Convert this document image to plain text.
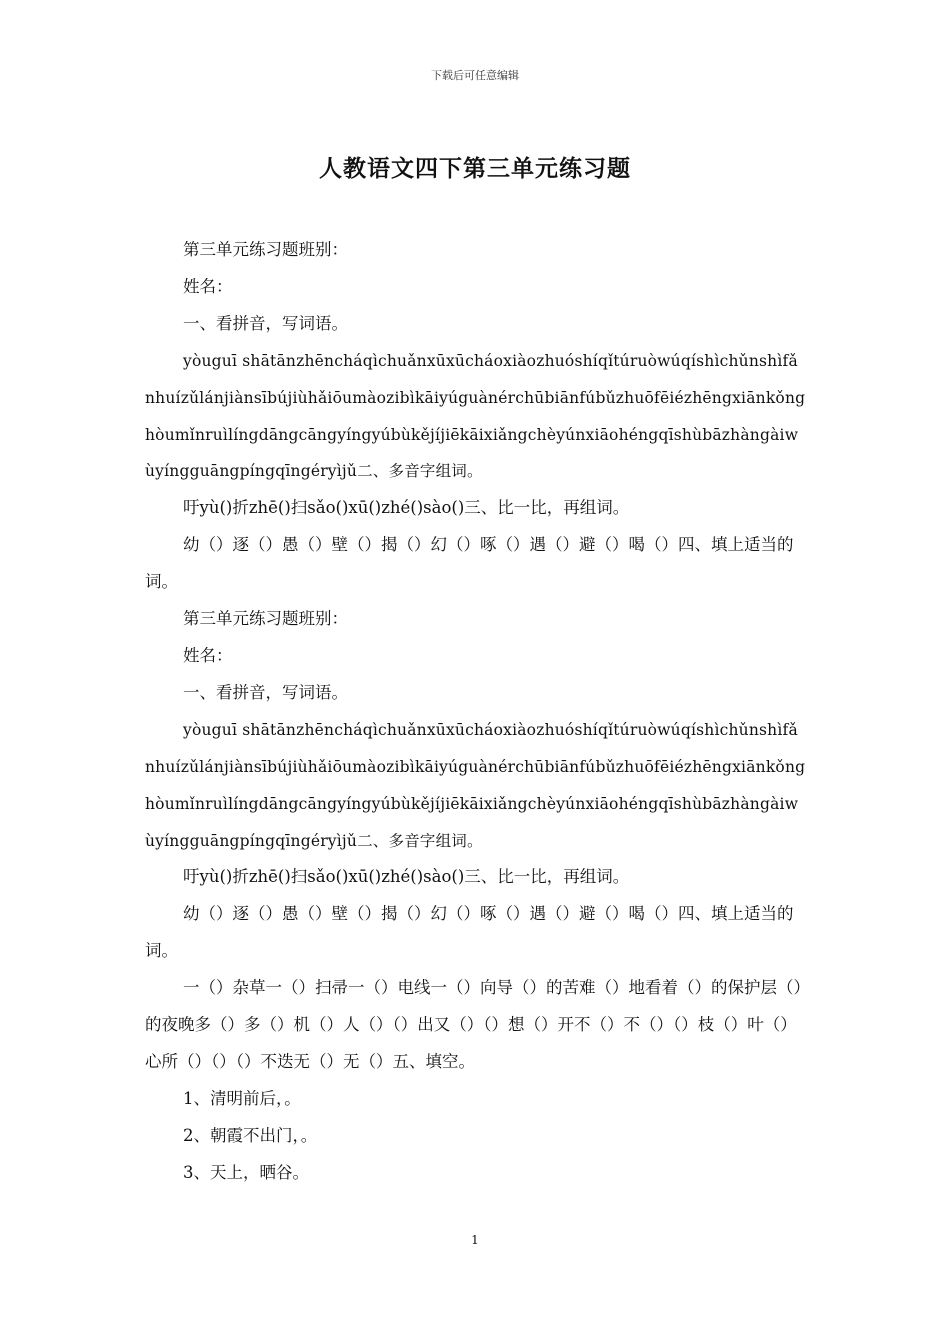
下载后可任意编辑
人教语文四下第三单元练习题

第三单元练习题班别：

姓名：

一、看拼音，写词语。

yòuguī shātānzhēncháqìchuǎnxūxūcháoxiàozhuóshíqǐtúruòwúqíshìchǔnshìfǎnhuízǔlánjiànsībújiùhǎiōumàozibìkāiyúguànérchūbiānfúbǔzhuōfēiézhēngxiānkǒnghòumǐnruìlíngdāngcāngyíngyúbùkějíjiēkāixiǎngchèyúnxiāohéngqīshùbāzhàngàiwùyíngguāngpíngqīngéryìjǔ二、多音字组词。

吁yù()折zhē()扫sǎo()xū()zhé()sào()三、比一比，再组词。

幼（）逐（）愚（）壁（）揭（）幻（）啄（）遇（）避（）喝（）四、填上适当的词。

第三单元练习题班别：

姓名：

一、看拼音，写词语。

yòuguī shātānzhēncháqìchuǎnxūxūcháoxiàozhuóshíqǐtúruòwúqíshìchǔnshìfǎnhuízǔlánjiànsībújiùhǎiōumàozibìkāiyúguànérchūbiānfúbǔzhuōfēiézhēngxiānkǒnghòumǐnruìlíngdāngcāngyíngyúbùkějíjiēkāixiǎngchèyúnxiāohéngqīshùbāzhàngàiwùyíngguāngpíngqīngéryìjǔ二、多音字组词。

吁yù()折zhē()扫sǎo()xū()zhé()sào()三、比一比，再组词。

幼（）逐（）愚（）壁（）揭（）幻（）啄（）遇（）避（）喝（）四、填上适当的词。

一（）杂草一（）扫帚一（）电线一（）向导（）的苦难（）地看着（）的保护层（）的夜晚多（）多（）机（）人（）（）出又（）（）想（）开不（）不（）（）枝（）叶（）心所（）（）（）不迭无（）无（）五、填空。

1、清明前后，。

2、朝霞不出门，。

3、天上，晒谷。

1
